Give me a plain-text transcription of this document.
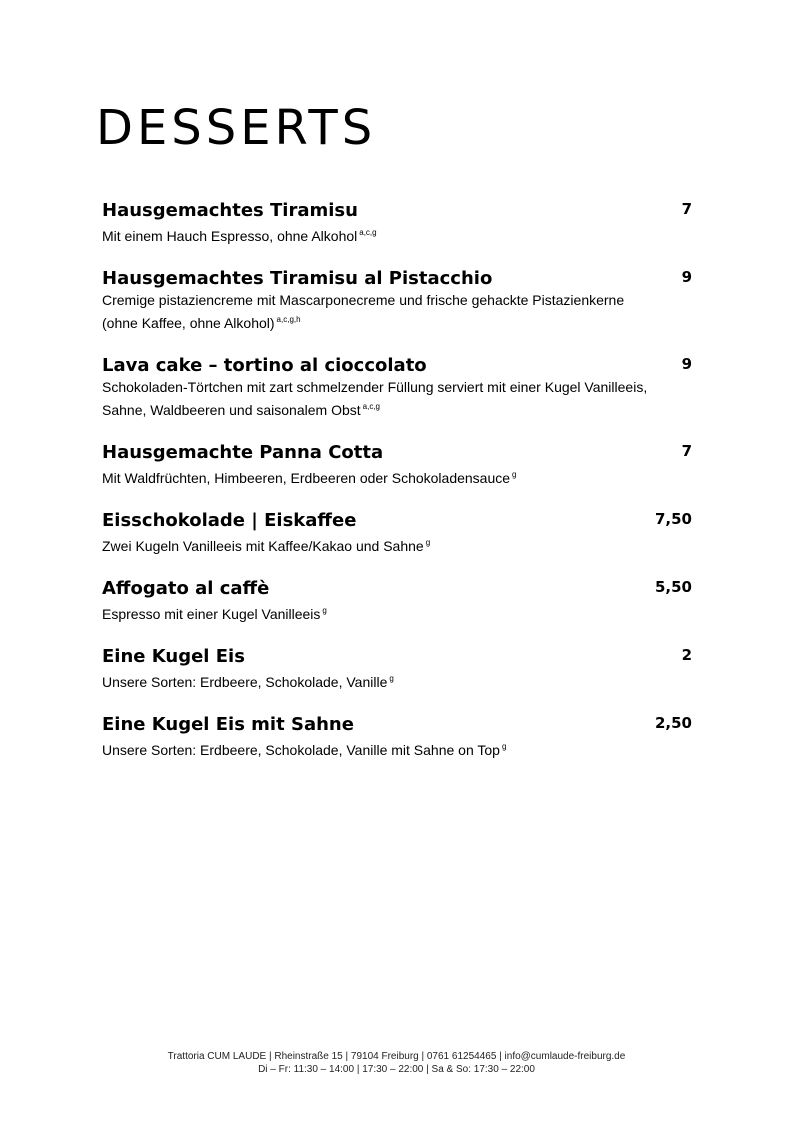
DESSERTS
Hausgemachtes Tiramisu	7
Mit einem Hauch Espresso, ohne Alkohol $^{a,c,g}$
Hausgemachtes Tiramisu al Pistacchio	9
Cremige pistaziencreme mit Mascarponecreme und frische gehackte Pistazienkerne (ohne Kaffee, ohne Alkohol) $^{a,c,g,h}$
Lava cake – tortino al cioccolato	9
Schokoladen-Törtchen mit zart schmelzender Füllung serviert mit einer Kugel Vanilleeis, Sahne, Waldbeeren und saisonalem Obst $^{a,c,g}$
Hausgemachte Panna Cotta	7
Mit Waldfrüchten, Himbeeren, Erdbeeren oder Schokoladensauce $^g$
Eisschokolade | Eiskaffee	7,50
Zwei Kugeln Vanilleeis mit Kaffee/Kakao und Sahne $^g$
Affogato al caffè	5,50
Espresso mit einer Kugel Vanilleeis $^g$
Eine Kugel Eis	2
Unsere Sorten: Erdbeere, Schokolade, Vanille $^g$
Eine Kugel Eis mit Sahne	2,50
Unsere Sorten: Erdbeere, Schokolade, Vanille mit Sahne on Top $^g$
Trattoria CUM LAUDE | Rheinstraße 15 | 79104 Freiburg | 0761 61254465 | info@cumlaude-freiburg.de
Di – Fr: 11:30 – 14:00 | 17:30 – 22:00 | Sa & So: 17:30 – 22:00
